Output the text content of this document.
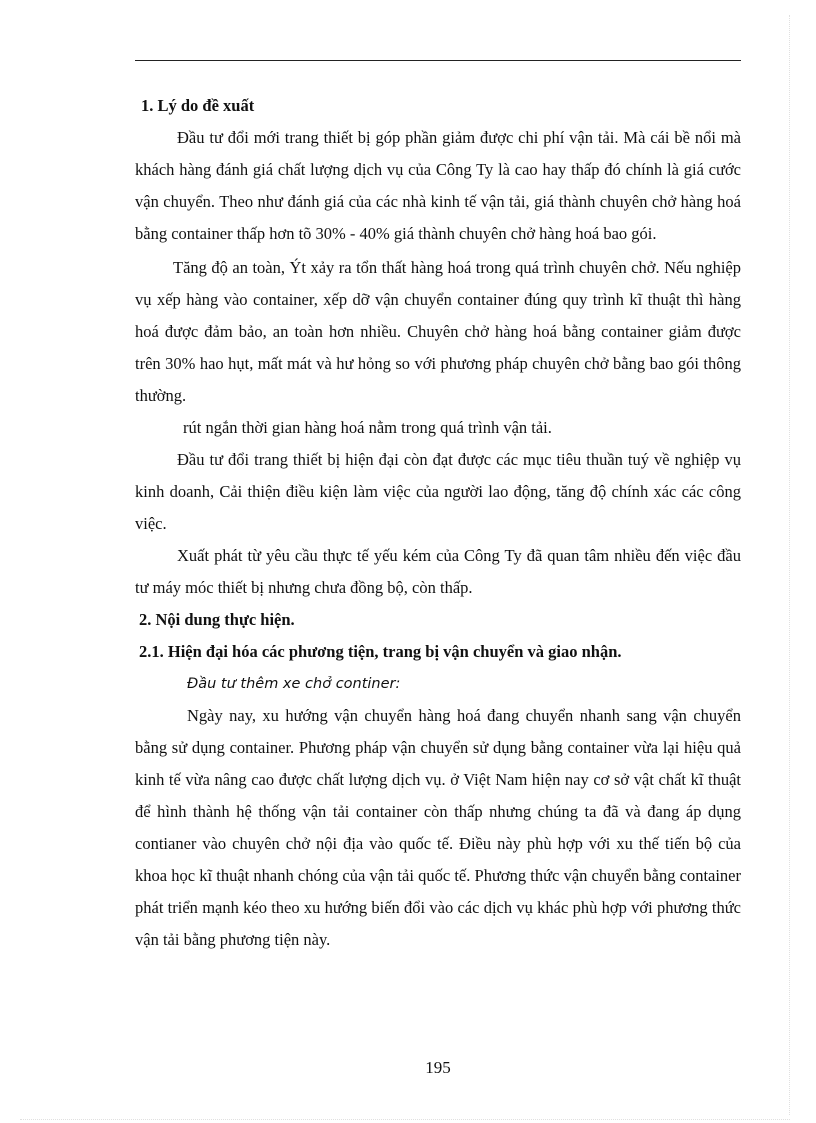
1. Lý do đề xuất

Đầu tư đổi mới trang thiết bị góp phần giảm được chi phí vận tải. Mà cái bề nổi mà khách hàng đánh giá chất lượng dịch vụ của Công Ty là cao hay thấp đó chính là giá cước vận chuyển. Theo như đánh giá của các nhà kinh tế vận tải, giá thành chuyên chở hàng hoá bằng container thấp hơn tõ 30% - 40% giá thành chuyên chở hàng hoá bao gói.

Tăng độ an toàn, Ýt xảy ra tổn thất hàng hoá trong quá trình chuyên chở. Nếu nghiệp vụ xếp hàng vào container, xếp dỡ vận chuyển container đúng quy trình kĩ thuật thì hàng hoá được đảm bảo, an toàn hơn nhiều. Chuyên chở hàng hoá bằng container giảm được trên 30% hao hụt, mất mát và hư hỏng so với phương pháp chuyên chở bằng bao gói thông thường.

rút ngắn thời gian hàng hoá nằm trong quá trình vận tải.

Đầu tư đổi trang thiết bị hiện đại còn đạt được các mục tiêu thuần tuý về nghiệp vụ kinh doanh, Cải thiện điều kiện làm việc của người lao động, tăng độ chính xác các công việc.

Xuất phát từ yêu cầu thực tế yếu kém của Công Ty đã quan tâm nhiều đến việc đầu tư máy móc thiết bị nhưng chưa đồng bộ, còn thấp.

2. Nội dung thực hiện.
2.1. Hiện đại hóa các phương tiện, trang bị vận chuyển và giao nhận.

Đầu tư thêm xe chở continer:

Ngày nay, xu hướng vận chuyển hàng hoá đang chuyển nhanh sang vận chuyển bằng sử dụng container. Phương pháp vận chuyển sử dụng bằng container vừa lại hiệu quả kinh tế vừa nâng cao được chất lượng dịch vụ. ở Việt Nam hiện nay cơ sở vật chất kĩ thuật để hình thành hệ thống vận tải container còn thấp nhưng chúng ta đã và đang áp dụng contianer vào chuyên chở nội địa vào quốc tế. Điều này phù hợp với xu thế tiến bộ của khoa học kĩ thuật nhanh chóng của vận tải quốc tế. Phương thức vận chuyển bằng container phát triển mạnh kéo theo xu hướng biến đổi vào các dịch vụ khác phù hợp với phương thức vận tải bằng phương tiện này.

195
